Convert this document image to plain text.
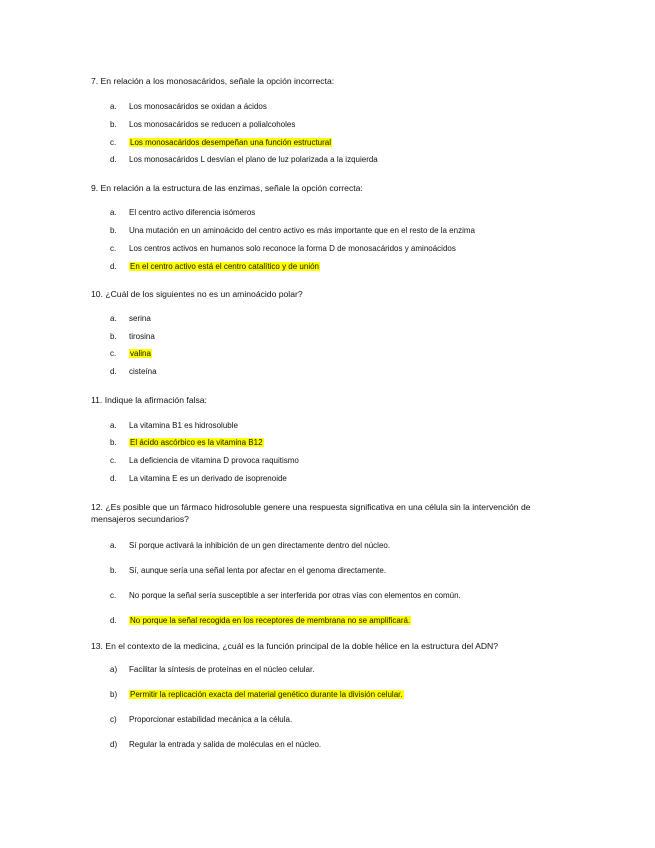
7. En relación a los monosacáridos, señale la opción incorrecta:
a. Los monosacáridos se oxidan a ácidos
b. Los monosacáridos se reducen a polialcoholes
c. Los monosacáridos desempeñan una función estructural
d. Los monosacáridos L desvían el plano de luz polarizada a la izquierda
9. En relación a la estructura de las enzimas, señale la opción correcta:
a. El centro activo diferencia isómeros
b. Una mutación en un aminoácido del centro activo es más importante que en el resto de la enzima
c. Los centros activos en humanos solo reconoce la forma D de monosacáridos y aminoácidos
d. En el centro activo está el centro catalítico y de unión
10. ¿Cuál de los siguientes no es un aminoácido polar?
a. serina
b. tirosina
c. valina
d. cisteína
11. Indique la afirmación falsa:
a. La vitamina B1 es hidrosoluble
b. El ácido ascórbico es la vitamina B12
c. La deficiencia de vitamina D provoca raquitismo
d. La vitamina E es un derivado de isoprenoide
12. ¿Es posible que un fármaco hidrosoluble genere una respuesta significativa en una célula sin la intervención de mensajeros secundarios?
a. Sí porque activará la inhibición de un gen directamente dentro del núcleo.
b. Sí, aunque sería una señal lenta por afectar en el genoma directamente.
c. No porque la señal sería susceptible a ser interferida por otras vías con elementos en común.
d. No porque la señal recogida en los receptores de membrana no se amplificará.
13. En el contexto de la medicina, ¿cuál es la función principal de la doble hélice en la estructura del ADN?
a) Facilitar la síntesis de proteínas en el núcleo celular.
b) Permitir la replicación exacta del material genético durante la división celular.
c) Proporcionar estabilidad mecánica a la célula.
d) Regular la entrada y salida de moléculas en el núcleo.
